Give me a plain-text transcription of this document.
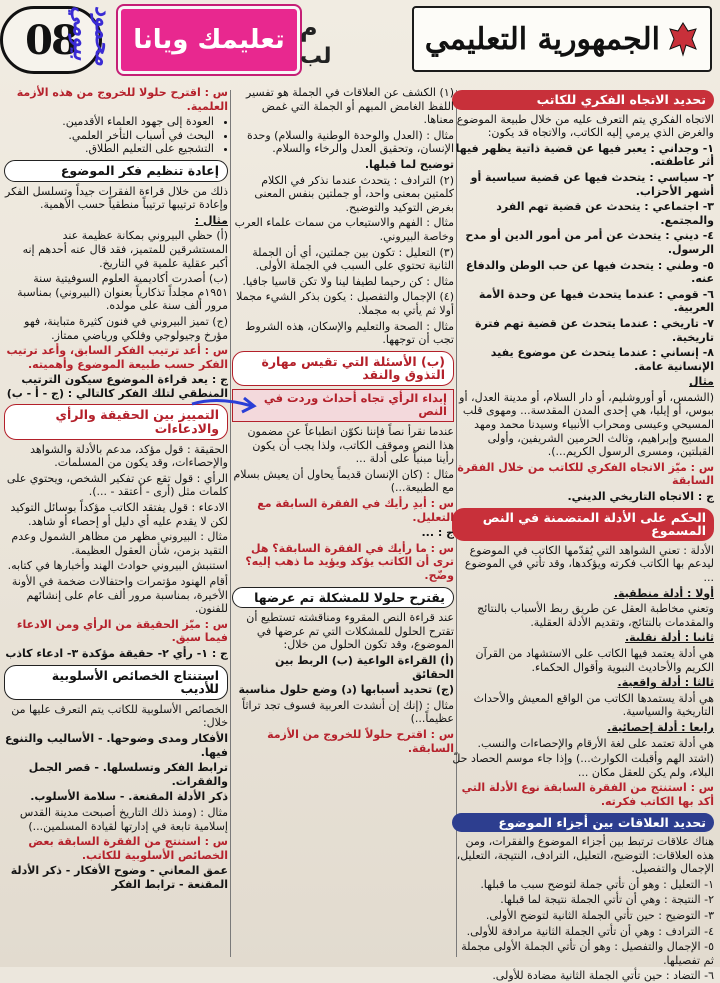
08 محمود بيومي	تعليمك ويانا م
لب	الجمهورية التعليمي
تحديد الاتجاه الفكري للكاتب

الاتجاه الفكري يتم التعرف عليه من خلال طبيعة الموضوع والغرض الذي يرمي إليه الكاتب، والاتجاه قد يكون:

١- وجداني : يعبر فيها عن قضية ذاتية يظهر فيها أثر عاطفته.

٢- سياسي : يتحدث فيها عن قضية سياسية أو أشهر الأحزاب.

٣- اجتماعي : يتحدث عن قضية تهم الفرد والمجتمع.

٤- ديني : يتحدث عن أمر من أمور الدين أو مدح الرسول.

٥- وطني : يتحدث فيها عن حب الوطن والدفاع عنه.

٦- قومي : عندما يتحدث فيها عن وحدة الأمة العربية.

٧- تاريخي : عندما يتحدث عن قضية تهم فترة تاريخية.

٨- إنساني : عندما يتحدث عن موضوع يفيد الإنسانية عامة.

مثال

(الشمس، أو أوروشليم، أو دار السلام، أو مدينة العدل، أو ببوس، أو إيليا، هي إحدى المدن المقدسة... ومهوى قلب المسيحي وعيسى ومحراب الأنبياء وسيدنا محمد ومهد المسيح وإبراهيم، وثالث الحرمين الشريفين، وأولى القبلتين، ومسرى الرسول الكريم...).

س : ميّز الاتجاه الفكري للكاتب من خلال الفقرة السابقة

ج : الاتجاه التاريخي الديني.

الحكم على الأدلة المتضمنة في النص المسموع

الأدلة : تعني الشواهد التي يُقدّمها الكاتب في الموضوع ليدعم بها الكاتب فكرته ويؤكدها، وقد تأتي في الموضوع ...

أولا : أدلة منطقية.

وتعني مخاطبة العقل عن طريق ربط الأسباب بالنتائج والمقدمات بالنتائج، وتقديم الأدلة العقلية.

ثانيا : أدلة نقلية.

هي أدلة يعتمد فيها الكاتب على الاستشهاد من القرآن الكريم والأحاديث النبوية وأقوال الحكماء.

ثالثا : أدلة واقعية.

هي أدلة يستمدها الكاتب من الواقع المعيش والأحداث التاريخية والسياسية.

رابعا : أدلة إحصائية.

هي أدلة تعتمد على لغة الأرقام والإحصاءات والنسب.

(اشتد الهم وأقبلت الكوارث...) وإذا جاء موسم الحصاد حلّ البلاء، ولم يكن للعقل مكان ...

س : استنتج من الفقرة السابقة نوع الأدلة التي أكد بها الكاتب فكرته.

تحديد العلاقات بين أجزاء الموضوع

هناك علاقات ترتبط بين أجزاء الموضوع والفقرات، ومن هذه العلاقات: التوضيح، التعليل، الترادف، النتيجة، التعليل، الإجمال والتفصيل.

١- التعليل : وهو أن تأتي جملة لتوضح سبب ما قبلها.

٢- النتيجة : وهي أن تأتي الجملة نتيجة لما قبلها.

٣- التوضيح : حين تأتي الجملة الثانية لتوضح الأولى.

٤- الترادف : وهي أن تأتي الجملة الثانية مرادفة للأولى.

٥- الإجمال والتفصيل : وهو أن تأتي الجملة الأولى مجملة ثم تفصيلها.

٦- التضاد : حين تأتي الجملة الثانية مضادة للأولى.

(١) الكشف عن العلاقات في الجملة هو تفسير اللفظ الغامض المبهم أو الجملة التي غمض معناها.

مثال : (العدل والوحدة الوطنية والسلام) وحدة الإنسان، وتحقيق العدل والرخاء والسلام.

توضيح لما قبلها.

(٢) الترادف : يتحدث عندما نذكر في الكلام كلمتين بمعنى واحد، أو جملتين بنفس المعنى بغرض التوكيد والتوضيح.

مثال : الفهم والاستيعاب من سمات علماء العرب وخاصة البيروني.

(٣) التعليل : تكون بين جملتين، أي أن الجملة الثانية تحتوي على السبب في الجملة الأولى.

مثال : كن رحيما لطيفا لينا ولا تكن قاسيا جافيا.

(٤) الإجمال والتفصيل : يكون بذكر الشيء مجملا أولا ثم يأتي به مجملا.

مثال : الصحة والتعليم والإسكان، هذه الشروط تجب أن توجهها.

(ب) الأسئلة التي تقيس مهارة التذوق والنقد
إبداء الرأي تجاه أحداث وردت في النص

عندما نقرأ نصاً فإننا نكوّن انطباعاً عن مضمون هذا النص وموقف الكاتب، ولذا يجب أن يكون رأينا مبنياً على أدلة ...

مثال : (كان الإنسان قديماً يحاول أن يعيش بسلام مع الطبيعة...)

س : أبدِ رأيك في الفقرة السابقة مع التعليل.

ج : ...

س : ما رأيك في الفقرة السابقة؟ هل ترى أن الكاتب يؤكد ويؤيد ما ذهب إليه؟ وضّح.

يقترح حلولا للمشكلة تم عرضها

عند قراءة النص المقروء ومناقشته تستطيع أن تقترح الحلول للمشكلات التي تم عرضها في الموضوع، وقد تكون الحلول من خلال:

(أ) القراءة الواعية (ب) الربط بين الحقائق

(ج) تحديد أسبابها (د) وضع حلول مناسبة

مثال : (إنك إن أنشدت العربية فسوف تجد تراثاً عظيماً...)

س : اقترح حلولاً للخروج من الأزمة السابقة.

س : اقترح حلولا للخروج من هذه الأزمة العلمية.

• العودة إلى جهود العلماء الأقدمين.
• البحث في أسباب التأخر العلمي.
• التشجيع على التعليم الطلاق.
إعادة تنظيم فكر الموضوع

ذلك من خلال قراءة الفقرات جيداً وتسلسل الفكر وإعادة ترتيبها ترتيباً منطقياً حسب الأهمية.

مثال :

(أ) حظي البيروني بمكانة عظيمة عند المستشرقين للمتميز، فقد قال عنه أحدهم إنه أكبر عقلية علمية في التاريخ.

(ب) أصدرت أكاديمية العلوم السوفيتية سنة ١٩٥١م مجلداً تذكارياً بعنوان (البيروني) بمناسبة مرور ألف سنة على مولده.

(ج) تميز البيروني في فنون كثيرة متباينة، فهو مؤرخ وجيولوجي وفلكي ورياضي ممتاز.

س : أعد ترتيب الفكر السابق، وأعد ترتيب الفكر حسب طبيعة الموضوع وأهميته.

ج : يعد قراءة الموضوع سيكون الترتيب المنطقي لتلك الفكر كالتالي : (ج - أ - ب)

التمييز بين الحقيقة والرأي والادعاءات

الحقيقة : قول مؤكد، مدعم بالأدلة والشواهد والإحصاءات، وقد يكون من المسلمات.

الرأي : قول تقع عن تفكير الشخص، ويحتوي على كلمات مثل (أرى - أعتقد - ...).

الادعاء : قول يفتقد الكاتب مؤكداً بوسائل التوكيد لكن لا يقدم عليه أي دليل أو إحصاء أو شاهد.

مثال : البيروني مظهر من مظاهر الشمول وعدم التقيد بزمن، شأن العقول العظيمة.

استنبش البيروني حوادث الهند وأخبارها في كتابه.

أقام الهنود مؤتمرات واحتفالات ضخمة في الأونة الأخيرة، بمناسبة مرور ألف عام على إنشائهم للفنون.

س : ميّز الحقيقة من الرأي ومن الادعاء فيما سبق.

ج : ١- رأي ٢- حقيقة مؤكدة ٣- ادعاء كاذب

استنتاج الخصائص الأسلوبية للأديب

الخصائص الأسلوبية للكاتب يتم التعرف عليها من خلال:

الأفكار ومدى وضوحها. - الأساليب والتنوع فيها.

ترابط الفكر وتسلسلها. - قصر الجمل والفقرات.

ذكر الأدلة المقنعة. - سلامة الأسلوب.

مثال : (ومنذ ذلك التاريخ أصبحت مدينة القدس إسلامية تابعة في إدارتها لقيادة المسلمين...)

س : استنتج من الفقرة السابقة بعض الخصائص الأسلوبية للكاتب.

عمق المعاني - وضوح الأفكار - ذكر الأدلة المقنعة - ترابط الفكر
